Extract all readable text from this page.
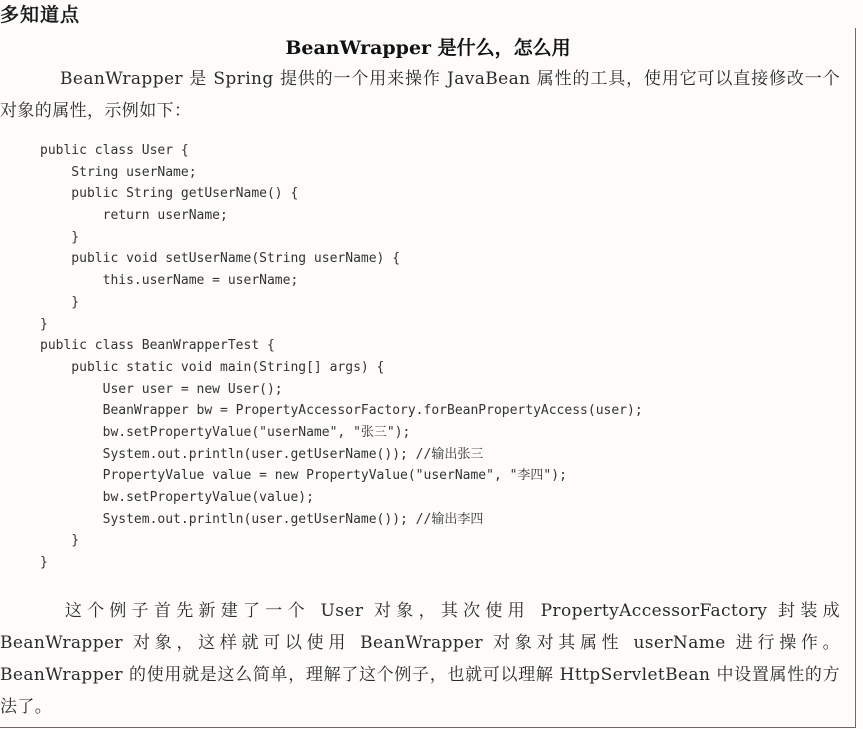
多知道点
BeanWrapper 是什么，怎么用
BeanWrapper 是 Spring 提供的一个用来操作 JavaBean 属性的工具，使用它可以直接修改一个对象的属性，示例如下：
public class User {
String userName;
public String getUserName() {
return userName;
}
public void setUserName(String userName) {
this.userName = userName;
}
}
public class BeanWrapperTest {
public static void main(String[] args) {
User user = new User();
BeanWrapper bw = PropertyAccessorFactory.forBeanPropertyAccess(user);
bw.setPropertyValue("userName", "张三");
System.out.println(user.getUserName()); //输出张三
PropertyValue value = new PropertyValue("userName", "李四");
bw.setPropertyValue(value);
System.out.println(user.getUserName()); //输出李四
}
}
这个例子首先新建了一个 User 对象，其次使用 PropertyAccessorFactory 封装成 BeanWrapper 对象，这样就可以使用 BeanWrapper 对象对其属性 userName 进行操作。BeanWrapper 的使用就是这么简单，理解了这个例子，也就可以理解 HttpServletBean 中设置属性的方法了。
